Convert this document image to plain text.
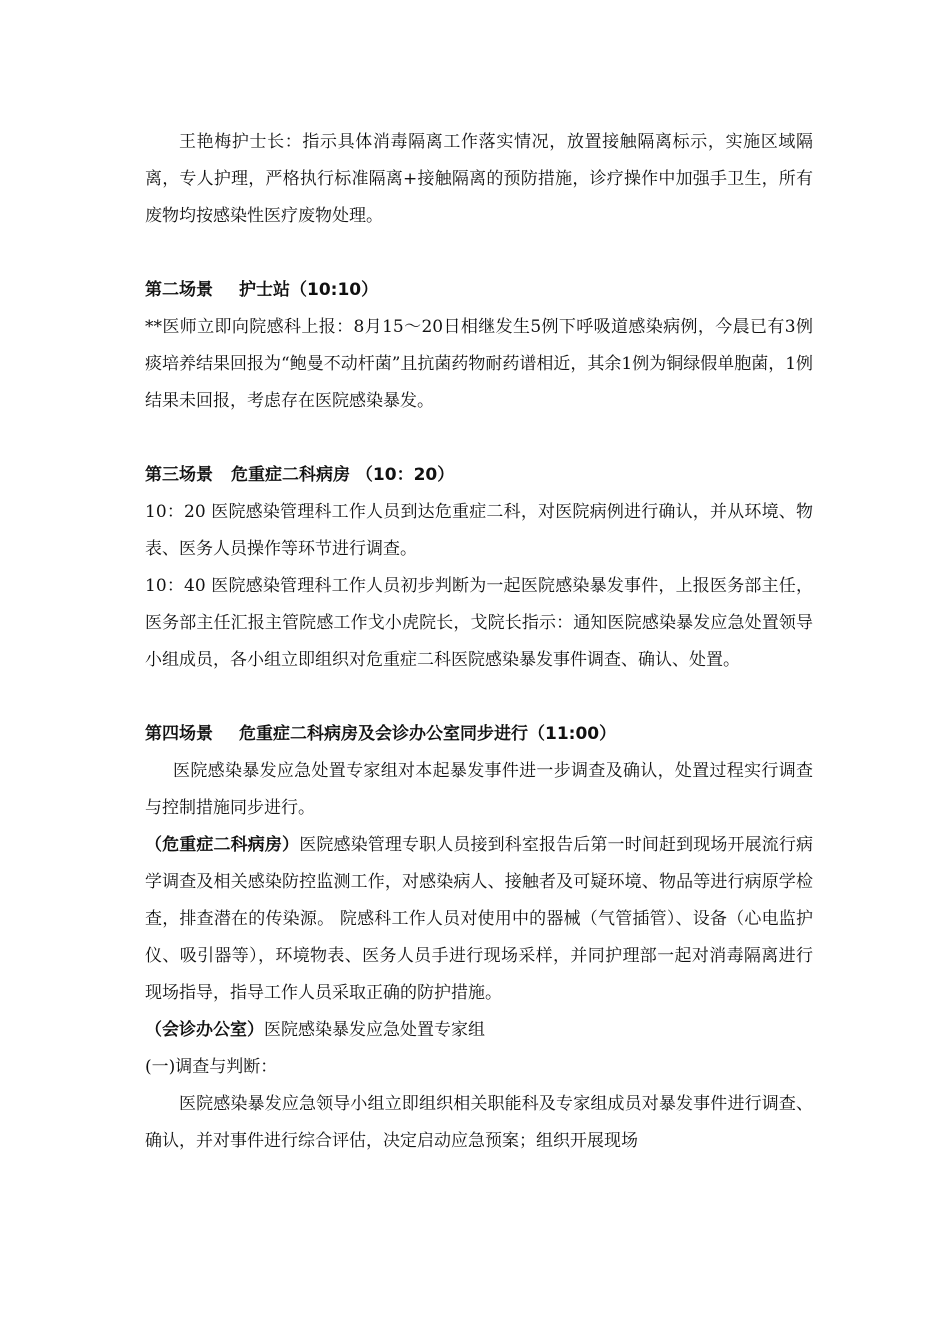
王艳梅护士长：指示具体消毒隔离工作落实情况，放置接触隔离标示，实施区域隔离，专人护理，严格执行标准隔离+接触隔离的预防措施，诊疗操作中加强手卫生，所有废物均按感染性医疗废物处理。

第二场景 护士站（10:10）

**医师立即向院感科上报：8月15～20日相继发生5例下呼吸道感染病例，今晨已有3例痰培养结果回报为“鲍曼不动杆菌”且抗菌药物耐药谱相近，其余1例为铜绿假单胞菌，1例结果未回报，考虑存在医院感染暴发。

第三场景 危重症二科病房 （10：20）

10：20 医院感染管理科工作人员到达危重症二科，对医院病例进行确认，并从环境、物表、医务人员操作等环节进行调查。

10：40 医院感染管理科工作人员初步判断为一起医院感染暴发事件，上报医务部主任，医务部主任汇报主管院感工作戈小虎院长，戈院长指示：通知医院感染暴发应急处置领导小组成员，各小组立即组织对危重症二科医院感染暴发事件调查、确认、处置。

第四场景 危重症二科病房及会诊办公室同步进行（11:00）

医院感染暴发应急处置专家组对本起暴发事件进一步调查及确认，处置过程实行调查与控制措施同步进行。

（危重症二科病房）医院感染管理专职人员接到科室报告后第一时间赶到现场开展流行病学调查及相关感染防控监测工作，对感染病人、接触者及可疑环境、物品等进行病原学检查，排查潜在的传染源。 院感科工作人员对使用中的器械（气管插管）、设备（心电监护仪、吸引器等），环境物表、医务人员手进行现场采样，并同护理部一起对消毒隔离进行现场指导，指导工作人员采取正确的防护措施。

（会诊办公室）医院感染暴发应急处置专家组

(一)调查与判断：

医院感染暴发应急领导小组立即组织相关职能科及专家组成员对暴发事件进行调查、确认，并对事件进行综合评估，决定启动应急预案；组织开展现场
